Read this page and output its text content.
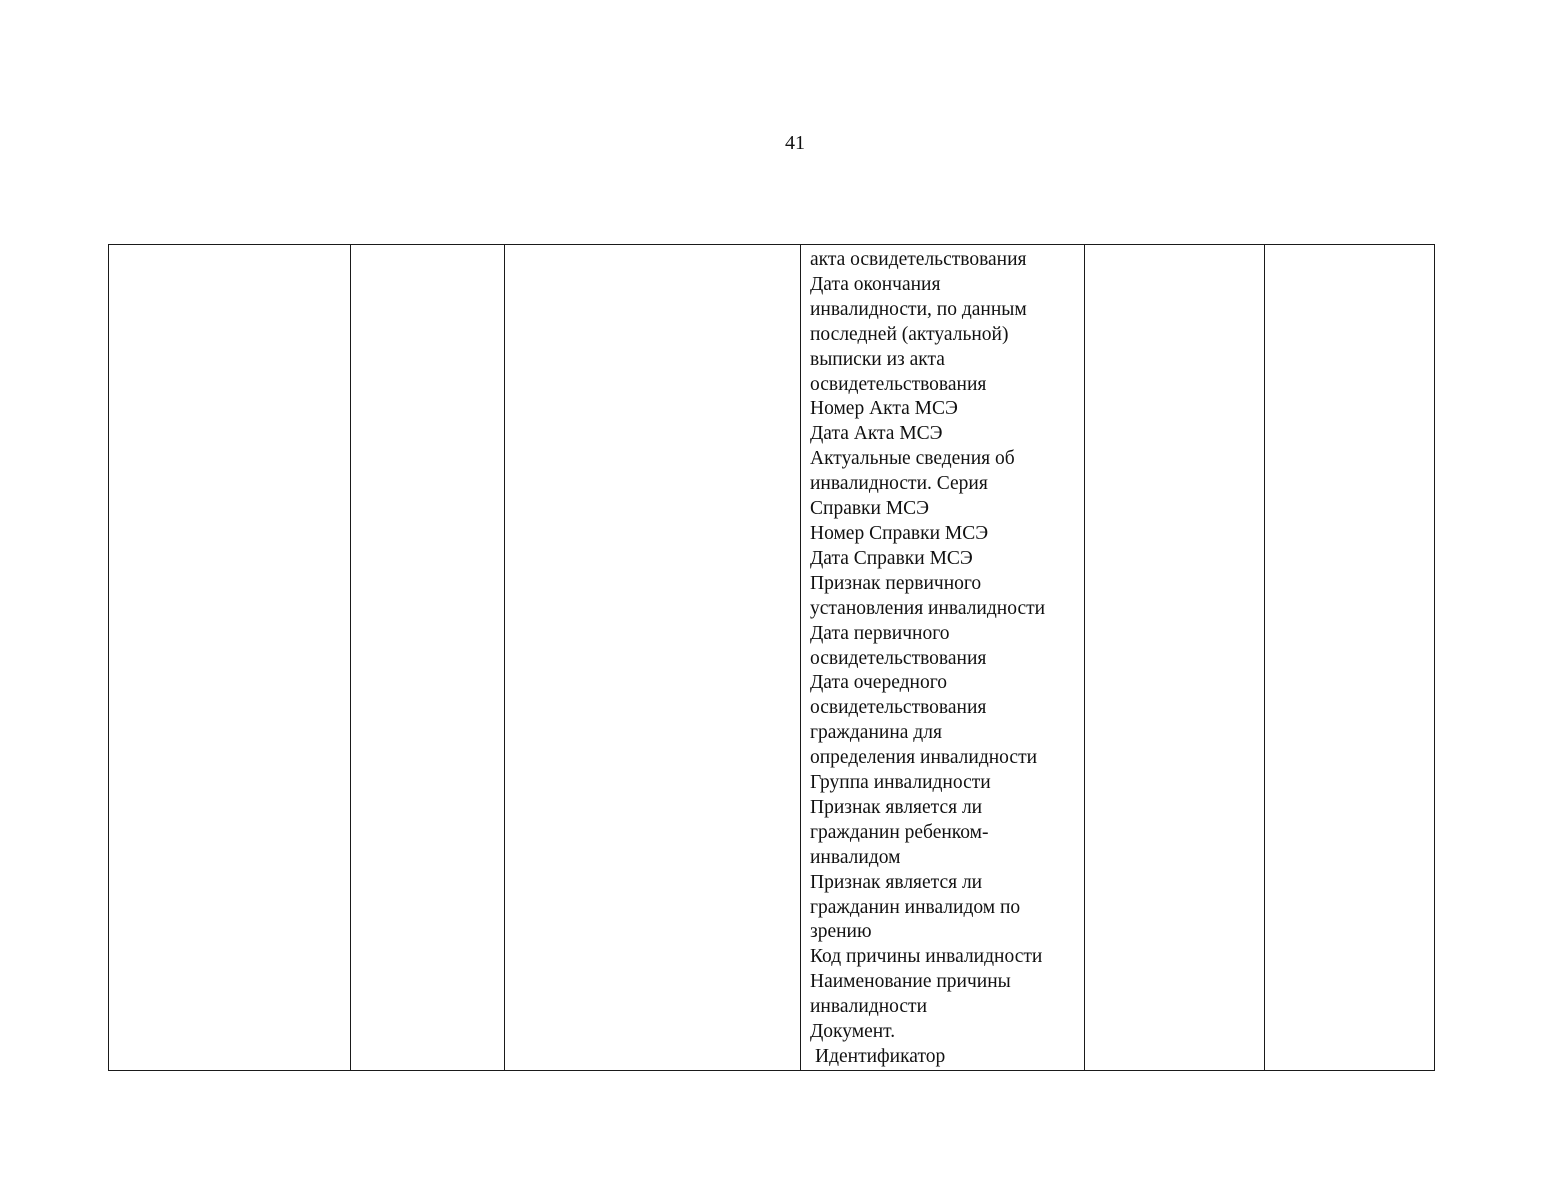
41

акта освидетельствования
Дата окончания
инвалидности, по данным
последней (актуальной)
выписки из акта
освидетельствования
Номер Акта МСЭ
Дата Акта МСЭ
Актуальные сведения об
инвалидности. Серия
Справки МСЭ
Номер Справки МСЭ
Дата Справки МСЭ
Признак первичного
установления инвалидности
Дата первичного
освидетельствования
Дата очередного
освидетельствования
гражданина для
определения инвалидности
Группа инвалидности
Признак является ли
гражданин ребенком-
инвалидом
Признак является ли
гражданин инвалидом по
зрению
Код причины инвалидности
Наименование причины
инвалидности
Документ.
Идентификатор
